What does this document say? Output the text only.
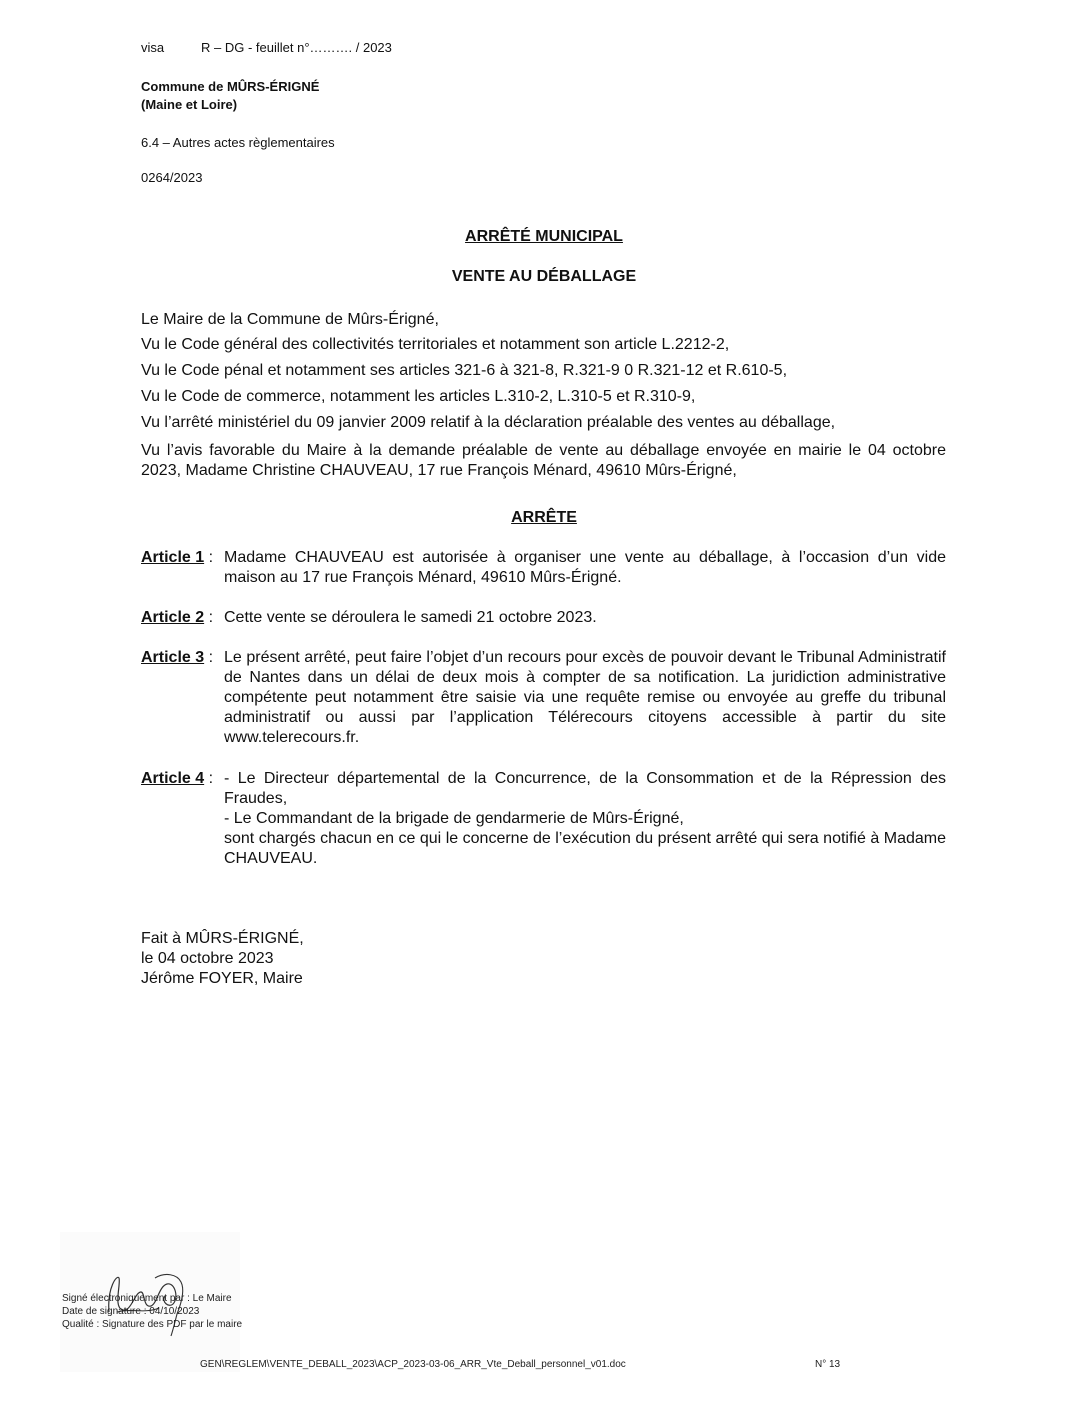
visa	R – DG - feuillet n°………. / 2023
Commune de MÛRS-ÉRIGNÉ
(Maine et Loire)
6.4 – Autres actes règlementaires
0264/2023
ARRÊTÉ MUNICIPAL
VENTE AU DÉBALLAGE
Le Maire de la Commune de Mûrs-Érigné,
Vu le Code général des collectivités territoriales et notamment son article L.2212-2,
Vu le Code pénal et notamment ses articles 321-6 à 321-8, R.321-9 0 R.321-12 et R.610-5,
Vu le Code de commerce, notamment les articles L.310-2, L.310-5 et R.310-9,
Vu l’arrêté ministériel du 09 janvier 2009 relatif à la déclaration préalable des ventes au déballage,
Vu l’avis favorable du Maire à la demande préalable de vente au déballage envoyée en mairie le 04 octobre 2023, Madame Christine CHAUVEAU, 17 rue François Ménard, 49610 Mûrs-Érigné,
ARRÊTE
Article 1 : Madame CHAUVEAU est autorisée à organiser une vente au déballage, à l’occasion d’un vide maison au 17 rue François Ménard, 49610 Mûrs-Érigné.
Article 2 : Cette vente se déroulera le samedi 21 octobre 2023.
Article 3 : Le présent arrêté, peut faire l’objet d’un recours pour excès de pouvoir devant le Tribunal Administratif de Nantes dans un délai de deux mois à compter de sa notification. La juridiction administrative compétente peut notamment être saisie via une requête remise ou envoyée au greffe du tribunal administratif ou aussi par l’application Télérecours citoyens accessible à partir du site www.telerecours.fr.
Article 4 : - Le Directeur départemental de la Concurrence, de la Consommation et de la Répression des Fraudes,

- Le Commandant de la brigade de gendarmerie de Mûrs-Érigné,

sont chargés chacun en ce qui le concerne de l’exécution du présent arrêté qui sera notifié à Madame CHAUVEAU.

Fait à MÛRS-ÉRIGNÉ,
le 04 octobre 2023
Jérôme FOYER, Maire
Signé électroniquement par : Le Maire
Date de signature : 04/10/2023
Qualité : Signature des PDF par le maire
GEN\REGLEM\VENTE_DEBALL_2023\ACP_2023-03-06_ARR_Vte_Deball_personnel_v01.doc	N° 13
